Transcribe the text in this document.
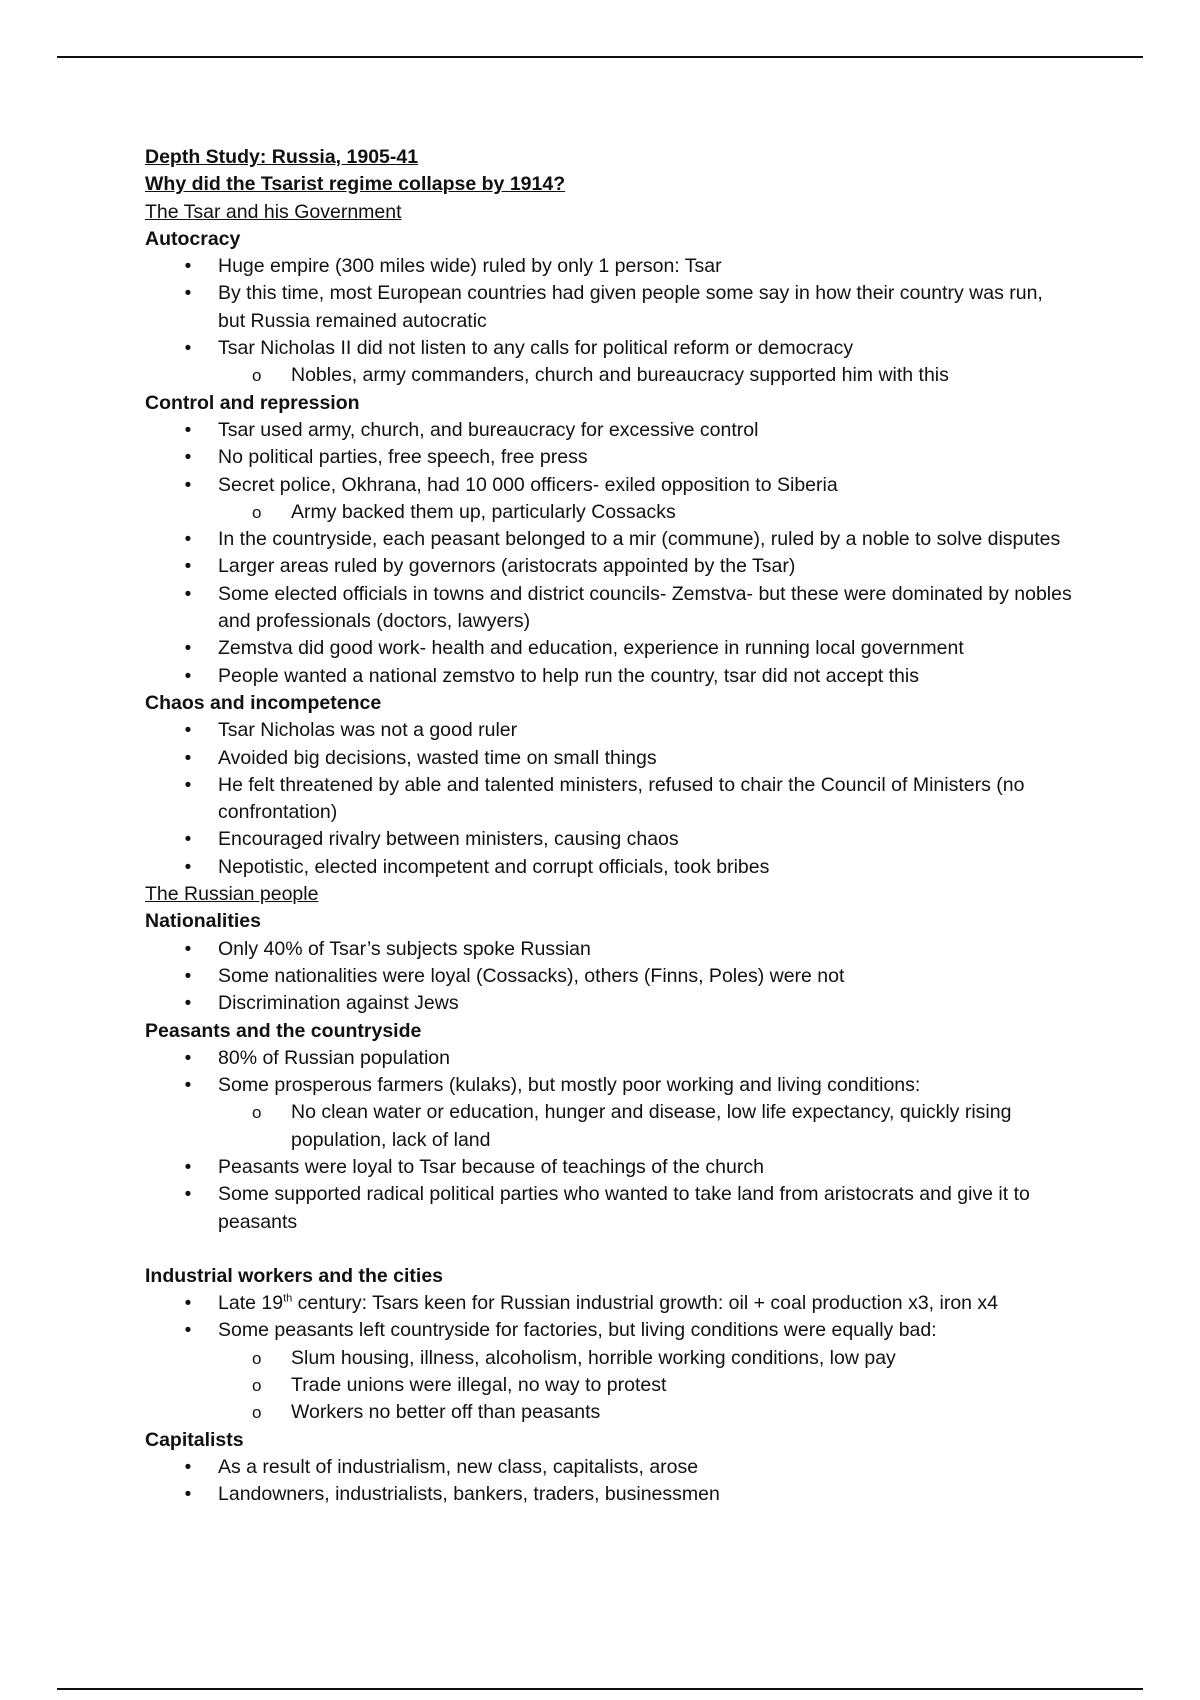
Depth Study: Russia, 1905-41

Why did the Tsarist regime collapse by 1914?

The Tsar and his Government

Autocracy

• Huge empire (300 miles wide) ruled by only 1 person: Tsar
• By this time, most European countries had given people some say in how their country was run, but Russia remained autocratic
• Tsar Nicholas II did not listen to any calls for political reform or democracy
o Nobles, army commanders, church and bureaucracy supported him with this

Control and repression

• Tsar used army, church, and bureaucracy for excessive control
• No political parties, free speech, free press
• Secret police, Okhrana, had 10 000 officers- exiled opposition to Siberia
o Army backed them up, particularly Cossacks
• In the countryside, each peasant belonged to a mir (commune), ruled by a noble to solve disputes
• Larger areas ruled by governors (aristocrats appointed by the Tsar)
• Some elected officials in towns and district councils- Zemstva- but these were dominated by nobles and professionals (doctors, lawyers)
• Zemstva did good work- health and education, experience in running local government
• People wanted a national zemstvo to help run the country, tsar did not accept this

Chaos and incompetence

• Tsar Nicholas was not a good ruler
• Avoided big decisions, wasted time on small things
• He felt threatened by able and talented ministers, refused to chair the Council of Ministers (no confrontation)
• Encouraged rivalry between ministers, causing chaos
• Nepotistic, elected incompetent and corrupt officials, took bribes

The Russian people

Nationalities

• Only 40% of Tsar’s subjects spoke Russian
• Some nationalities were loyal (Cossacks), others (Finns, Poles) were not
• Discrimination against Jews

Peasants and the countryside

• 80% of Russian population
• Some prosperous farmers (kulaks), but mostly poor working and living conditions:
o No clean water or education, hunger and disease, low life expectancy, quickly rising population, lack of land
• Peasants were loyal to Tsar because of teachings of the church
• Some supported radical political parties who wanted to take land from aristocrats and give it to peasants

Industrial workers and the cities

• Late 19th century: Tsars keen for Russian industrial growth: oil + coal production x3, iron x4
• Some peasants left countryside for factories, but living conditions were equally bad:
o Slum housing, illness, alcoholism, horrible working conditions, low pay
o Trade unions were illegal, no way to protest
o Workers no better off than peasants

Capitalists

• As a result of industrialism, new class, capitalists, arose
• Landowners, industrialists, bankers, traders, businessmen
